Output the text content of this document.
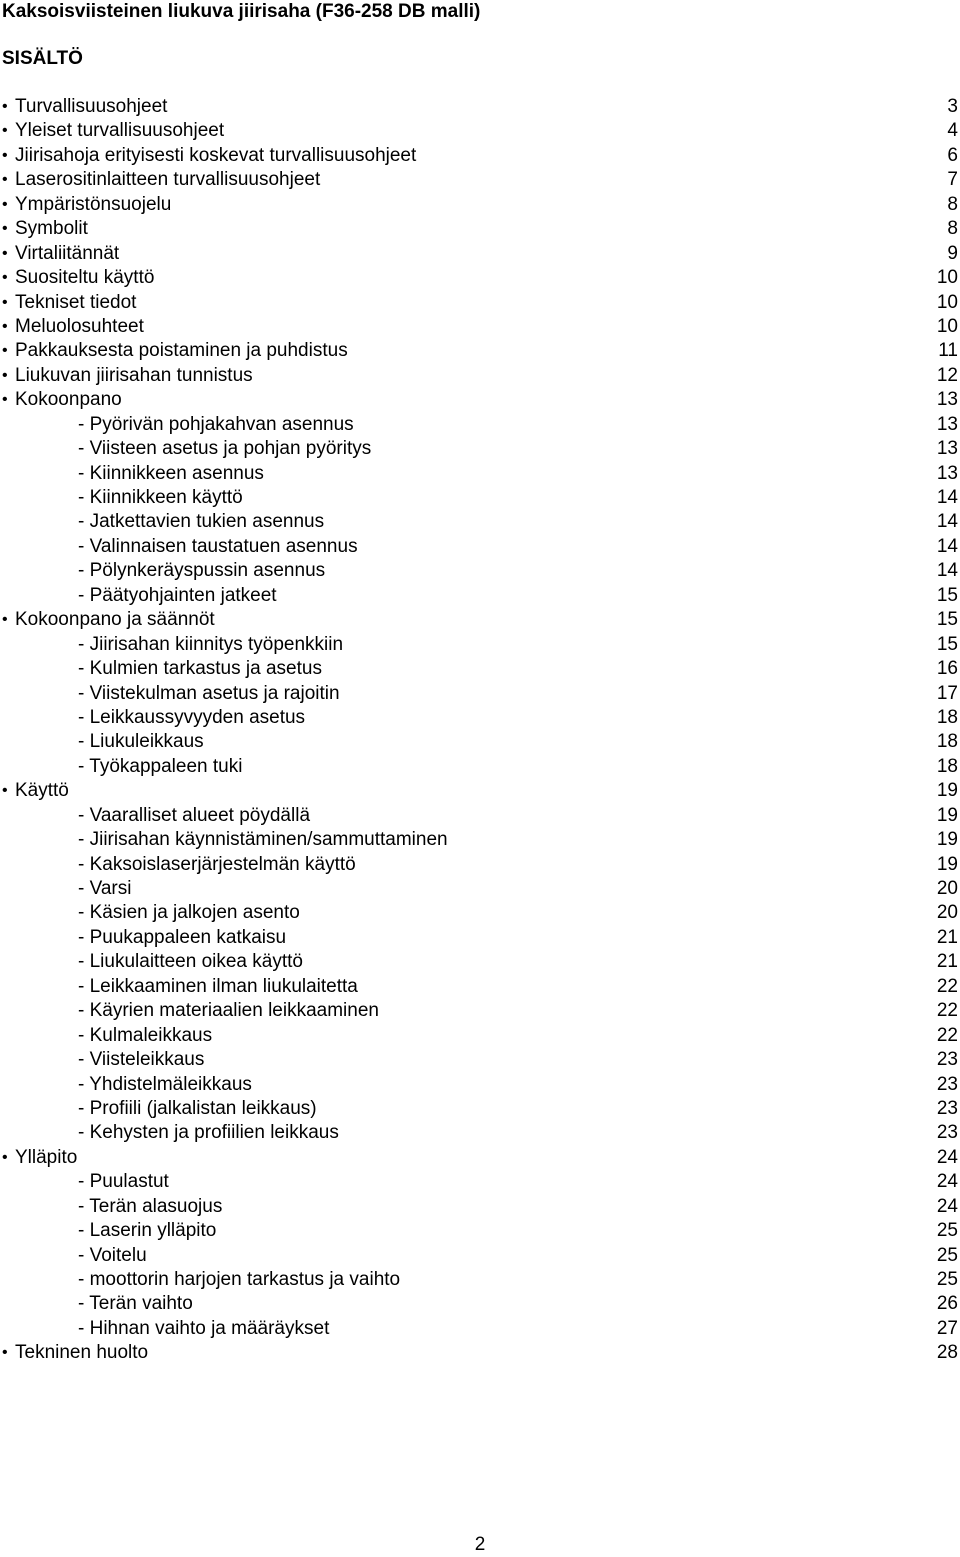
Kaksoisviisteinen liukuva jiirisaha (F36-258 DB malli)
SISÄLTÖ
• Turvallisuusohjeet	3
• Yleiset turvallisuusohjeet	4
• Jiirisahoja erityisesti koskevat turvallisuusohjeet	6
• Laserositinlaitteen turvallisuusohjeet	7
• Ympäristönsuojelu	8
• Symbolit	8
• Virtaliitännät	9
• Suositeltu käyttö	10
• Tekniset tiedot	10
• Meluolosuhteet	10
• Pakkauksesta poistaminen ja puhdistus	11
• Liukuvan jiirisahan tunnistus	12
• Kokoonpano	13
- Pyörivän pohjakahvan asennus	13
- Viisteen asetus ja pohjan pyöritys	13
- Kiinnikkeen asennus	13
- Kiinnikkeen käyttö	14
- Jatkettavien tukien asennus	14
- Valinnaisen taustatuen asennus	14
- Pölynkeräyspussin asennus	14
- Päätyohjainten jatkeet	15
• Kokoonpano ja säännöt	15
- Jiirisahan kiinnitys työpenkkiin	15
- Kulmien tarkastus ja asetus	16
- Viistekulman asetus ja rajoitin	17
- Leikkaussyvyyden asetus	18
- Liukuleikkaus	18
- Työkappaleen tuki	18
• Käyttö	19
- Vaaralliset alueet pöydällä	19
- Jiirisahan käynnistäminen/sammuttaminen	19
- Kaksoislaserjärjestelmän käyttö	19
- Varsi	20
- Käsien ja jalkojen asento	20
- Puukappaleen katkaisu	21
- Liukulaitteen oikea käyttö	21
- Leikkaaminen ilman liukulaitetta	22
- Käyrien materiaalien leikkaaminen	22
- Kulmaleikkaus	22
- Viisteleikkaus	23
- Yhdistelmäleikkaus	23
- Profiili (jalkalistan leikkaus)	23
- Kehysten ja profiilien leikkaus	23
• Ylläpito	24
- Puulastut	24
- Terän alasuojus	24
- Laserin ylläpito	25
- Voitelu	25
- moottorin harjojen tarkastus ja vaihto	25
- Terän vaihto	26
- Hihnan vaihto ja määräykset	27
• Tekninen huolto	28
2
